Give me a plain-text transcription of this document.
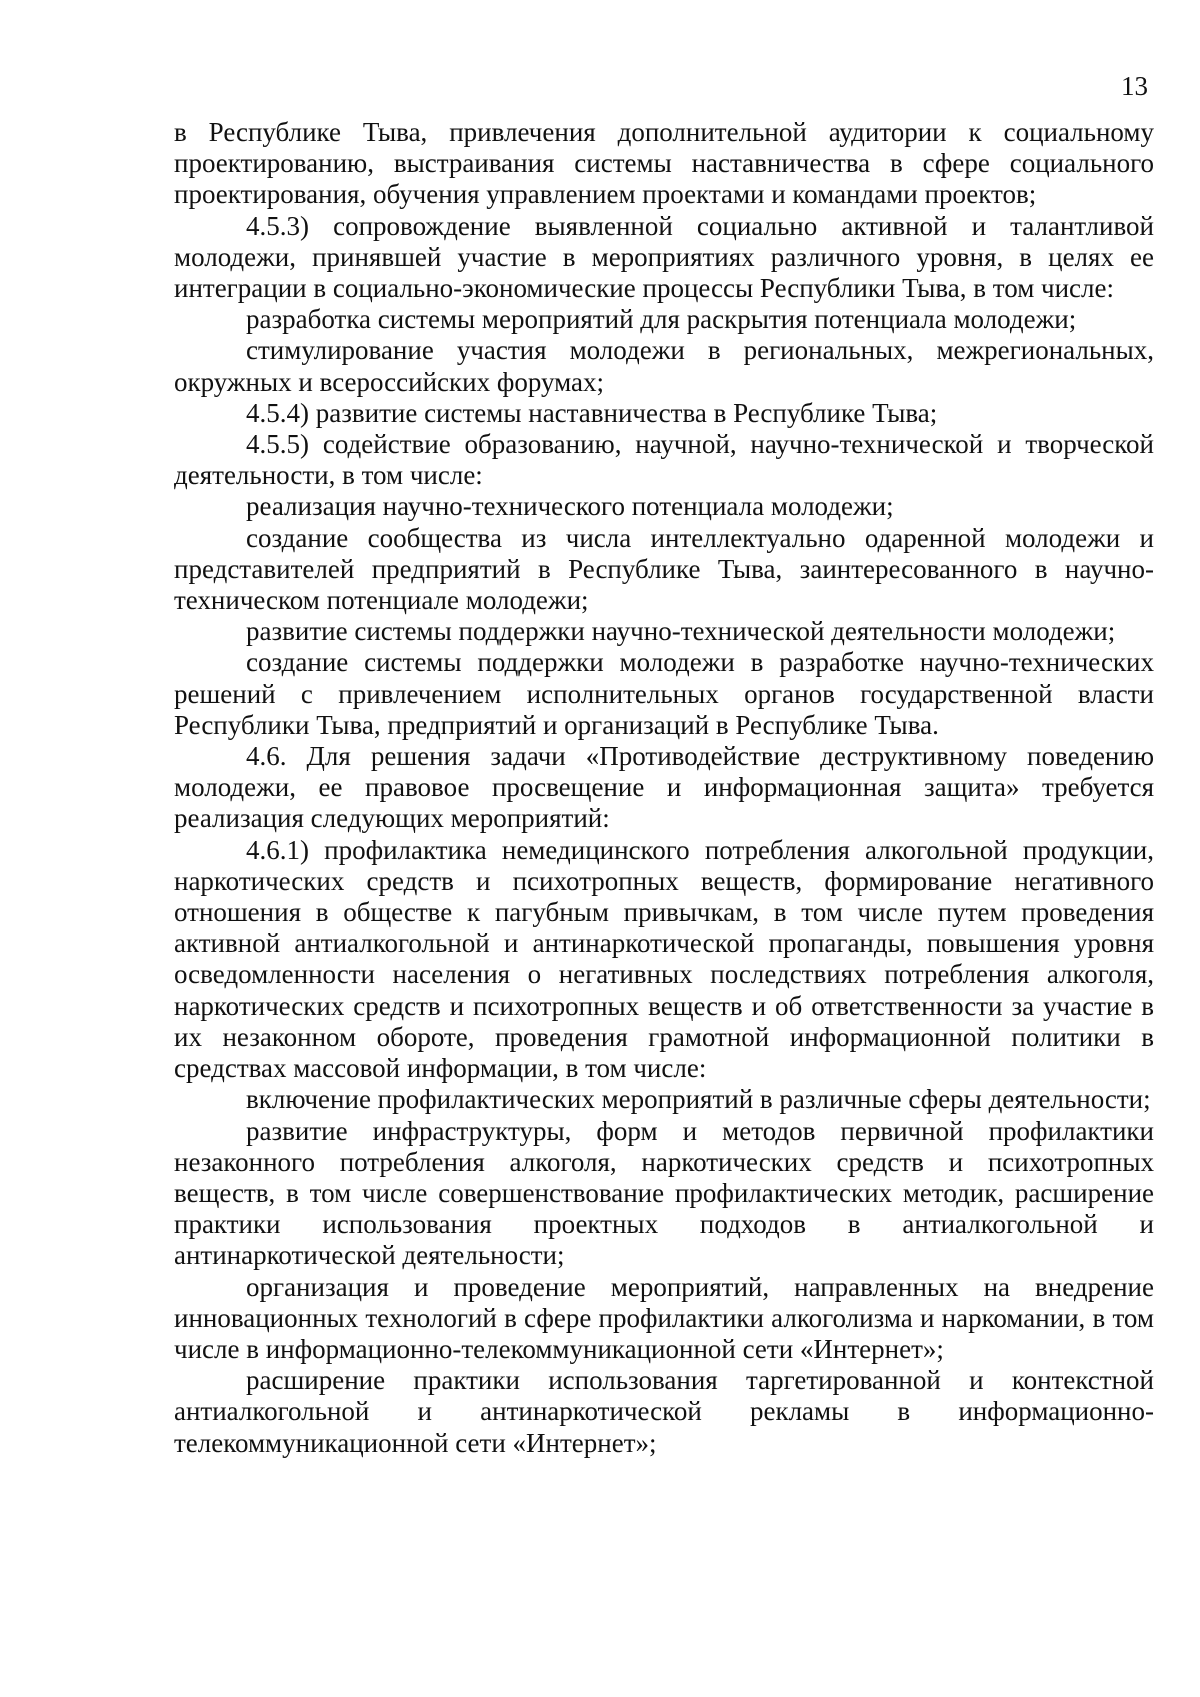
13

в Республике Тыва, привлечения дополнительной аудитории к социальному проектированию, выстраивания системы наставничества в сфере социального проектирования, обучения управлением проектами и командами проектов;

4.5.3) сопровождение выявленной социально активной и талантливой молодежи, принявшей участие в мероприятиях различного уровня, в целях ее интеграции в социально-экономические процессы Республики Тыва, в том числе:

разработка системы мероприятий для раскрытия потенциала молодежи;

стимулирование участия молодежи в региональных, межрегиональных, окружных и всероссийских форумах;

4.5.4) развитие системы наставничества в Республике Тыва;

4.5.5) содействие образованию, научной, научно-технической и творческой деятельности, в том числе:

реализация научно-технического потенциала молодежи;

создание сообщества из числа интеллектуально одаренной молодежи и представителей предприятий в Республике Тыва, заинтересованного в научно-техническом потенциале молодежи;

развитие системы поддержки научно-технической деятельности молодежи;

создание системы поддержки молодежи в разработке научно-технических решений с привлечением исполнительных органов государственной власти Республики Тыва, предприятий и организаций в Республике Тыва.

4.6. Для решения задачи «Противодействие деструктивному поведению молодежи, ее правовое просвещение и информационная защита» требуется реализация следующих мероприятий:

4.6.1) профилактика немедицинского потребления алкогольной продукции, наркотических средств и психотропных веществ, формирование негативного отношения в обществе к пагубным привычкам, в том числе путем проведения активной антиалкогольной и антинаркотической пропаганды, повышения уровня осведомленности населения о негативных последствиях потребления алкоголя, наркотических средств и психотропных веществ и об ответственности за участие в их незаконном обороте, проведения грамотной информационной политики в средствах массовой информации, в том числе:

включение профилактических мероприятий в различные сферы деятельности;

развитие инфраструктуры, форм и методов первичной профилактики незаконного потребления алкоголя, наркотических средств и психотропных веществ, в том числе совершенствование профилактических методик, расширение практики использования проектных подходов в антиалкогольной и антинаркотической деятельности;

организация и проведение мероприятий, направленных на внедрение инновационных технологий в сфере профилактики алкоголизма и наркомании, в том числе в информационно-телекоммуникационной сети «Интернет»;

расширение практики использования таргетированной и контекстной антиалкогольной и антинаркотической рекламы в информационно-телекоммуникационной сети «Интернет»;
